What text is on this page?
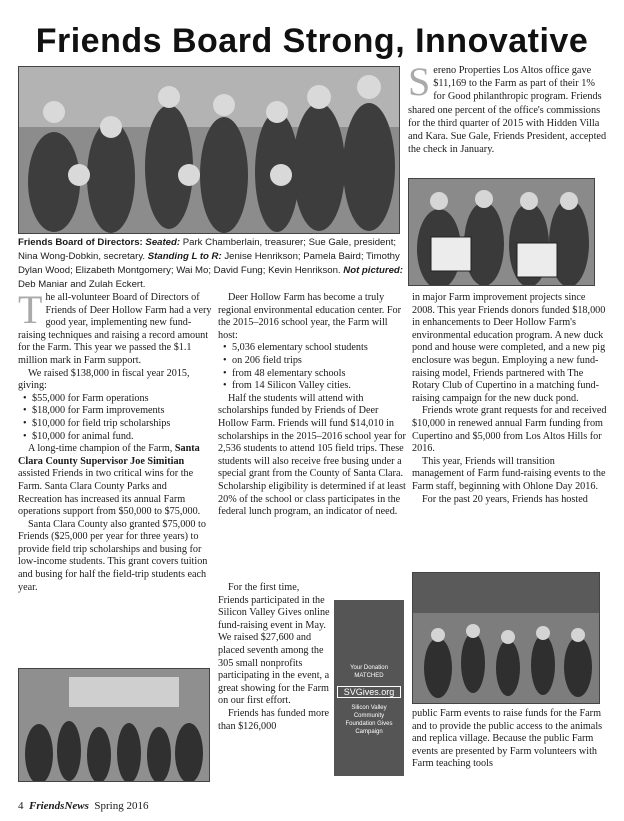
Friends Board Strong, Innovative
Friends Board of Directors: Seated: Park Chamberlain, treasurer; Sue Gale, president; Nina Wong-Dobkin, secretary. Standing L to R: Jenise Henrikson; Pamela Baird; Timothy Dylan Wood; Elizabeth Montgomery; Wai Mo; David Fung; Kevin Henrikson. Not pictured: Deb Maniar and Zulah Eckert.
S ereno Properties Los Altos office gave $11,169 to the Farm as part of their 1% for Good philanthropic program. Friends shared one percent of the office's commissions for the third quarter of 2015 with Hidden Villa and Kara. Sue Gale, Friends President, accepted the check in January.

The all-volunteer Board of Directors of Friends of Deer Hollow Farm had a very good year, implementing new fund-raising techniques and raising a record amount for the Farm. This year we passed the $1.1 million mark in Farm support.

We raised $138,000 in fiscal year 2015, giving:

• $55,000 for Farm operations
• $18,000 for Farm improvements
• $10,000 for field trip scholarships
• $10,000 for animal fund.

A long-time champion of the Farm, Santa Clara County Supervisor Joe Simitian assisted Friends in two critical wins for the Farm. Santa Clara County Parks and Recreation has increased its annual Farm operations support from $50,000 to $75,000.

Santa Clara County also granted $75,000 to Friends ($25,000 per year for three years) to provide field trip scholarships and busing for low-income students. This grant covers tuition and busing for half the field-trip students each year.

Deer Hollow Farm has become a truly regional environmental education center. For the 2015–2016 school year, the Farm will host:

• 5,036 elementary school students
• on 206 field trips
• from 48 elementary schools
• from 14 Silicon Valley cities.

Half the students will attend with scholarships funded by Friends of Deer Hollow Farm. Friends will fund $14,010 in scholarships in the 2015–2016 school year for 2,536 students to attend 105 field trips. These students will also receive free busing under a special grant from the County of Santa Clara. Scholarship eligibility is determined if at least 20% of the school or class participates in the federal lunch program, an indicator of need.

For the first time, Friends participated in the Silicon Valley Gives online fund-raising event in May. We raised $27,600 and placed seventh among the 305 small nonprofits participating in the event, a great showing for the Farm on our first effort.

Friends has funded more than $126,000

Your Donation MATCHED
SVGives.org
Silicon Valley Community Foundation Gives Campaign

in major Farm improvement projects since 2008. This year Friends donors funded $18,000 in enhancements to Deer Hollow Farm's environmental education program. A new duck pond and house were completed, and a new pig enclosure was begun. Employing a new fund-raising model, Friends partnered with The Rotary Club of Cupertino in a matching fund-raising campaign for the new duck pond.

Friends wrote grant requests for and received $10,000 in renewed annual Farm funding from Cupertino and $5,000 from Los Altos Hills for 2016.

This year, Friends will transition management of Farm fund-raising events to the Farm staff, beginning with Ohlone Day 2016.

For the past 20 years, Friends has hosted

public Farm events to raise funds for the Farm and to provide the public access to the animals and replica village. Because the public Farm events are presented by Farm volunteers with Farm teaching tools

4 FriendsNews Spring 2016
